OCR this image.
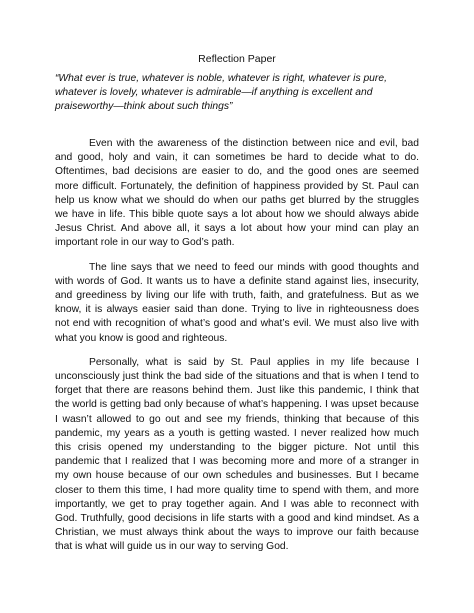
Reflection Paper
“What ever is true, whatever is noble, whatever is right, whatever is pure, whatever is lovely, whatever is admirable—if anything is excellent and praiseworthy—think about such things”

Even with the awareness of the distinction between nice and evil, bad and good, holy and vain, it can sometimes be hard to decide what to do. Oftentimes, bad decisions are easier to do, and the good ones are seemed more difficult. Fortunately, the definition of happiness provided by St. Paul can help us know what we should do when our paths get blurred by the struggles we have in life. This bible quote says a lot about how we should always abide Jesus Christ. And above all, it says a lot about how your mind can play an important role in our way to God’s path.

The line says that we need to feed our minds with good thoughts and with words of God. It wants us to have a definite stand against lies, insecurity, and greediness by living our life with truth, faith, and gratefulness. But as we know, it is always easier said than done. Trying to live in righteousness does not end with recognition of what’s good and what’s evil. We must also live with what you know is good and righteous.

Personally, what is said by St. Paul applies in my life because I unconsciously just think the bad side of the situations and that is when I tend to forget that there are reasons behind them. Just like this pandemic, I think that the world is getting bad only because of what’s happening. I was upset because I wasn’t allowed to go out and see my friends, thinking that because of this pandemic, my years as a youth is getting wasted. I never realized how much this crisis opened my understanding to the bigger picture. Not until this pandemic that I realized that I was becoming more and more of a stranger in my own house because of our own schedules and businesses. But I became closer to them this time, I had more quality time to spend with them, and more importantly, we get to pray together again. And I was able to reconnect with God. Truthfully, good decisions in life starts with a good and kind mindset. As a Christian, we must always think about the ways to improve our faith because that is what will guide us in our way to serving God.
